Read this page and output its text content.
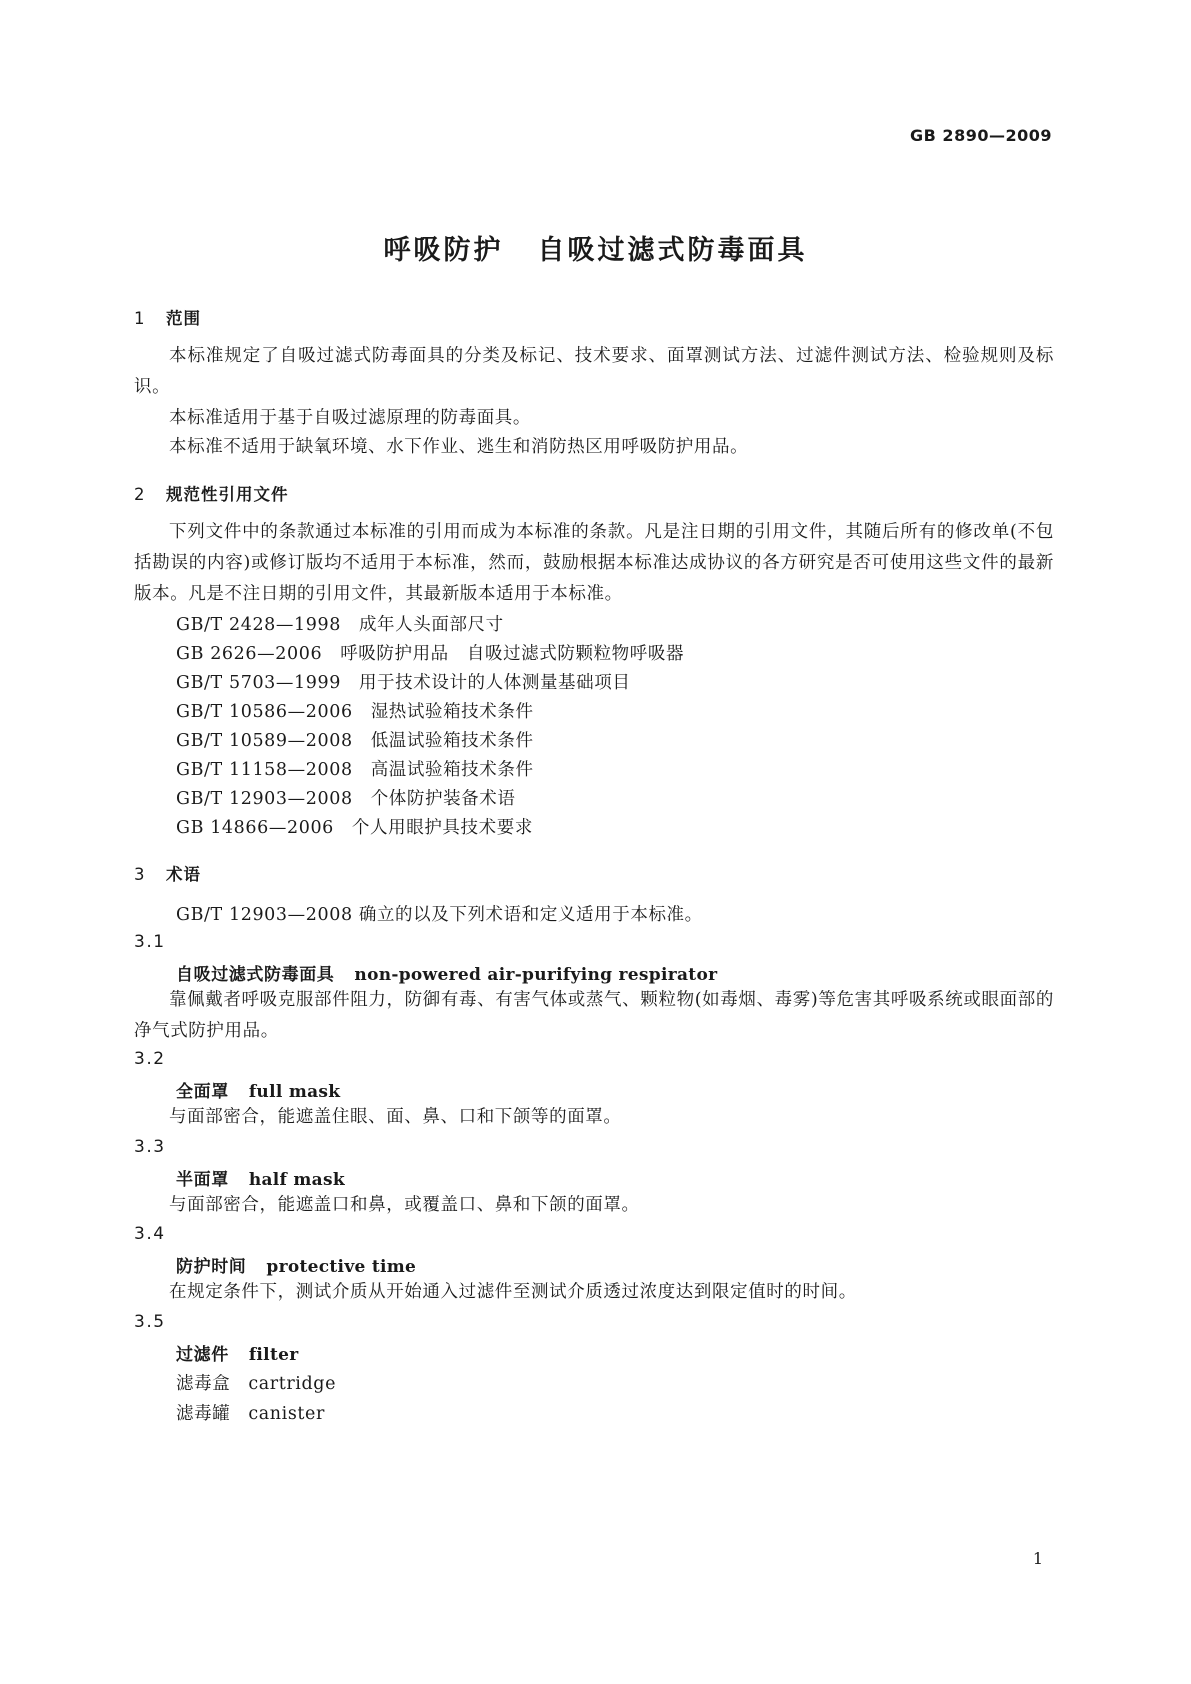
GB 2890—2009
呼吸防护 自吸过滤式防毒面具
1 范围

本标准规定了自吸过滤式防毒面具的分类及标记、技术要求、面罩测试方法、过滤件测试方法、检验规则及标识。

本标准适用于基于自吸过滤原理的防毒面具。

本标准不适用于缺氧环境、水下作业、逃生和消防热区用呼吸防护用品。

2 规范性引用文件

下列文件中的条款通过本标准的引用而成为本标准的条款。凡是注日期的引用文件，其随后所有的修改单(不包括勘误的内容)或修订版均不适用于本标准，然而，鼓励根据本标准达成协议的各方研究是否可使用这些文件的最新版本。凡是不注日期的引用文件，其最新版本适用于本标准。

GB/T 2428—1998 成年人头面部尺寸
GB 2626—2006 呼吸防护用品　自吸过滤式防颗粒物呼吸器
GB/T 5703—1999 用于技术设计的人体测量基础项目
GB/T 10586—2006 湿热试验箱技术条件
GB/T 10589—2008 低温试验箱技术条件
GB/T 11158—2008 高温试验箱技术条件
GB/T 12903—2008 个体防护装备术语
GB 14866—2006 个人用眼护具技术要求
3 术语
GB/T 12903—2008 确立的以及下列术语和定义适用于本标准。
3.1
自吸过滤式防毒面具 non-powered air-purifying respirator

靠佩戴者呼吸克服部件阻力，防御有毒、有害气体或蒸气、颗粒物(如毒烟、毒雾)等危害其呼吸系统或眼面部的净气式防护用品。

3.2
全面罩 full mask

与面部密合，能遮盖住眼、面、鼻、口和下颌等的面罩。

3.3
半面罩 half mask

与面部密合，能遮盖口和鼻，或覆盖口、鼻和下颌的面罩。

3.4
防护时间 protective time

在规定条件下，测试介质从开始通入过滤件至测试介质透过浓度达到限定值时的时间。

3.5
过滤件 filter
滤毒盒 cartridge
滤毒罐 canister
1
